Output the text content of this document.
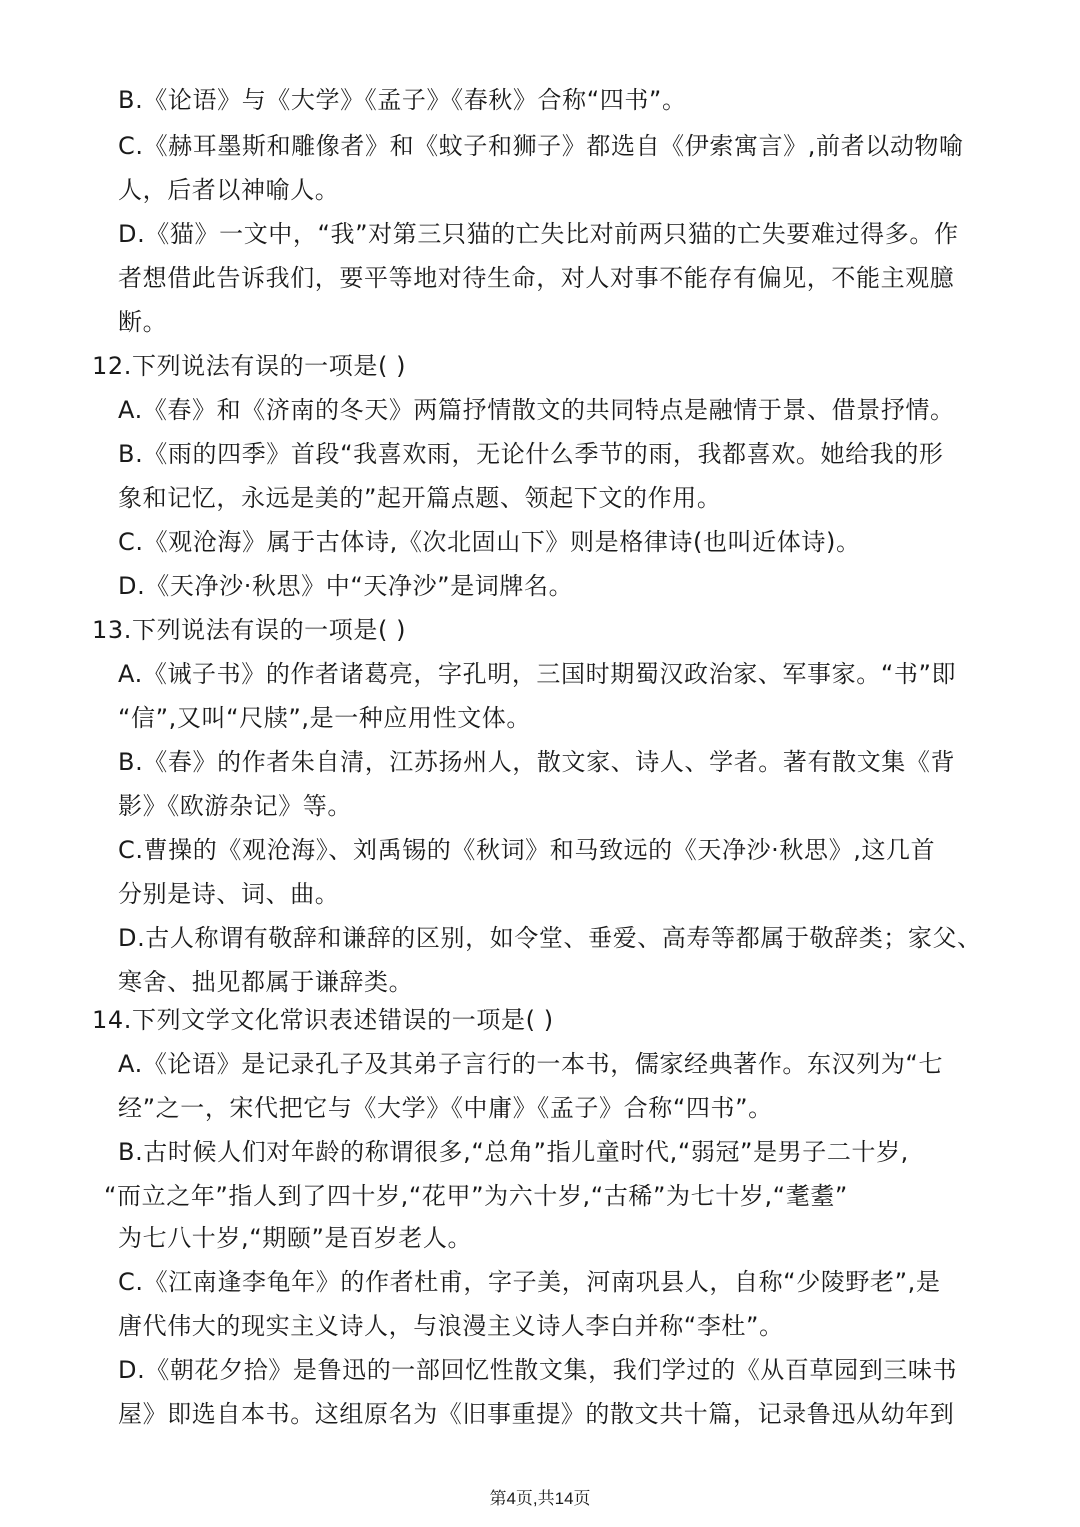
B.《论语》与《大学》《孟子》《春秋》合称“四书”。
C.《赫耳墨斯和雕像者》和《蚊子和狮子》都选自《伊索寓言》,前者以动物喻
人，后者以神喻人。
D.《猫》一文中，“我”对第三只猫的亡失比对前两只猫的亡失要难过得多。作
者想借此告诉我们，要平等地对待生命，对人对事不能存有偏见，不能主观臆
断。
12.下列说法有误的一项是( )
A.《春》和《济南的冬天》两篇抒情散文的共同特点是融情于景、借景抒情。
B.《雨的四季》首段“我喜欢雨，无论什么季节的雨，我都喜欢。她给我的形
象和记忆，永远是美的”起开篇点题、领起下文的作用。
C.《观沧海》属于古体诗,《次北固山下》则是格律诗(也叫近体诗)。
D.《天净沙·秋思》中“天净沙”是词牌名。
13.下列说法有误的一项是( )
A.《诫子书》的作者诸葛亮，字孔明，三国时期蜀汉政治家、军事家。“书”即
“信”,又叫“尺牍”,是一种应用性文体。
B.《春》的作者朱自清，江苏扬州人，散文家、诗人、学者。著有散文集《背
影》《欧游杂记》等。
C.曹操的《观沧海》、刘禹锡的《秋词》和马致远的《天净沙·秋思》,这几首
分别是诗、词、曲。
D.古人称谓有敬辞和谦辞的区别，如令堂、垂爱、高寿等都属于敬辞类；家父、
寒舍、拙见都属于谦辞类。
14.下列文学文化常识表述错误的一项是( )
A.《论语》是记录孔子及其弟子言行的一本书，儒家经典著作。东汉列为“七
经”之一，宋代把它与《大学》《中庸》《孟子》合称“四书”。
B.古时候人们对年龄的称谓很多,“总角”指儿童时代,“弱冠”是男子二十岁,
“而立之年”指人到了四十岁,“花甲”为六十岁,“古稀”为七十岁,“耄耋”
为七八十岁,“期颐”是百岁老人。
C.《江南逢李龟年》的作者杜甫，字子美，河南巩县人，自称“少陵野老”,是
唐代伟大的现实主义诗人，与浪漫主义诗人李白并称“李杜”。
D.《朝花夕拾》是鲁迅的一部回忆性散文集，我们学过的《从百草园到三味书
屋》即选自本书。这组原名为《旧事重提》的散文共十篇，记录鲁迅从幼年到
第4页,共14页
